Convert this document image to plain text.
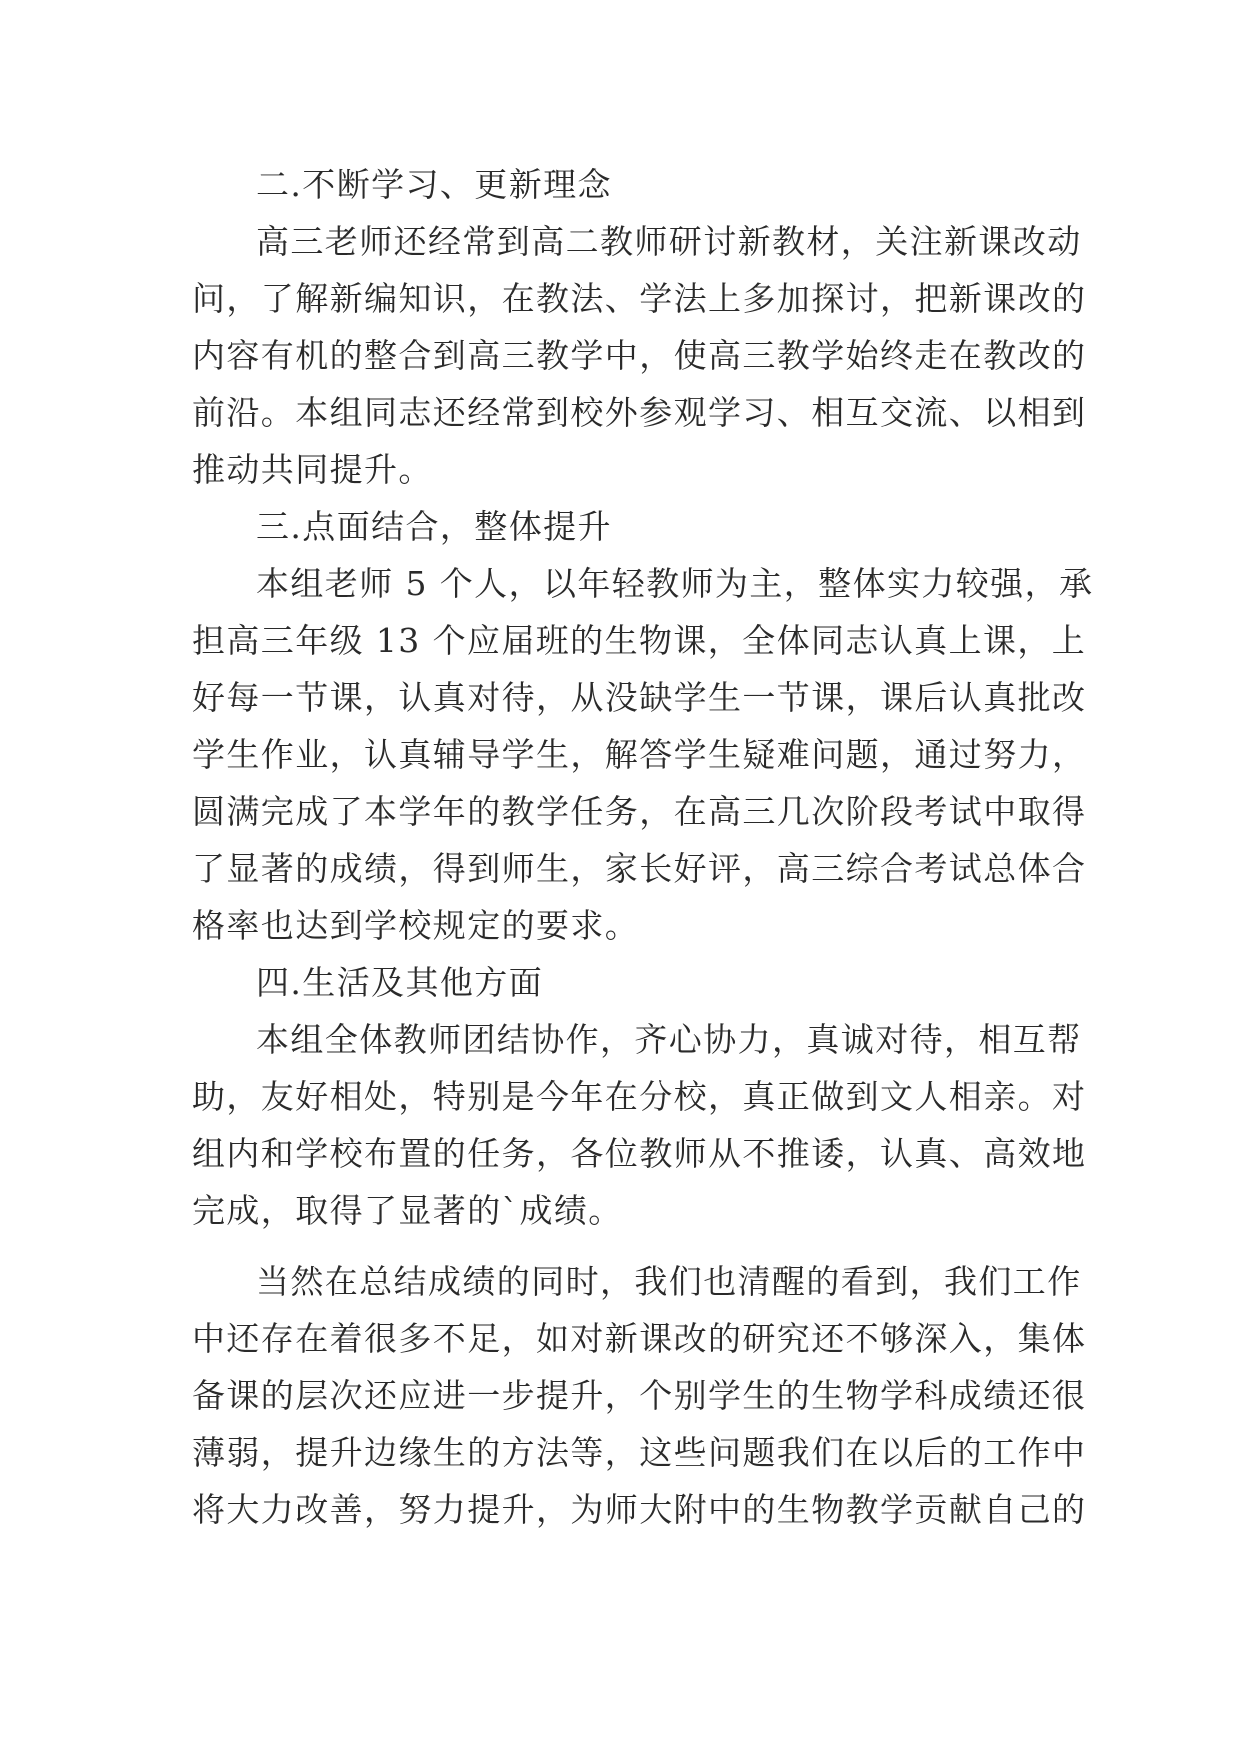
二.不断学习、更新理念
高三老师还经常到高二教师研讨新教材，关注新课改动
问，了解新编知识，在教法、学法上多加探讨，把新课改的
内容有机的整合到高三教学中，使高三教学始终走在教改的
前沿。本组同志还经常到校外参观学习、相互交流、以相到
推动共同提升。
三.点面结合，整体提升
本组老师 5 个人，以年轻教师为主，整体实力较强，承
担高三年级 13 个应届班的生物课，全体同志认真上课，上
好每一节课，认真对待，从没缺学生一节课，课后认真批改
学生作业，认真辅导学生，解答学生疑难问题，通过努力，
圆满完成了本学年的教学任务，在高三几次阶段考试中取得
了显著的成绩，得到师生，家长好评，高三综合考试总体合
格率也达到学校规定的要求。
四.生活及其他方面
本组全体教师团结协作，齐心协力，真诚对待，相互帮
助，友好相处，特别是今年在分校，真正做到文人相亲。对
组内和学校布置的任务，各位教师从不推诿，认真、高效地
完成，取得了显著的`成绩。
当然在总结成绩的同时，我们也清醒的看到，我们工作
中还存在着很多不足，如对新课改的研究还不够深入，集体
备课的层次还应进一步提升，个别学生的生物学科成绩还很
薄弱，提升边缘生的方法等，这些问题我们在以后的工作中
将大力改善，努力提升，为师大附中的生物教学贡献自己的
